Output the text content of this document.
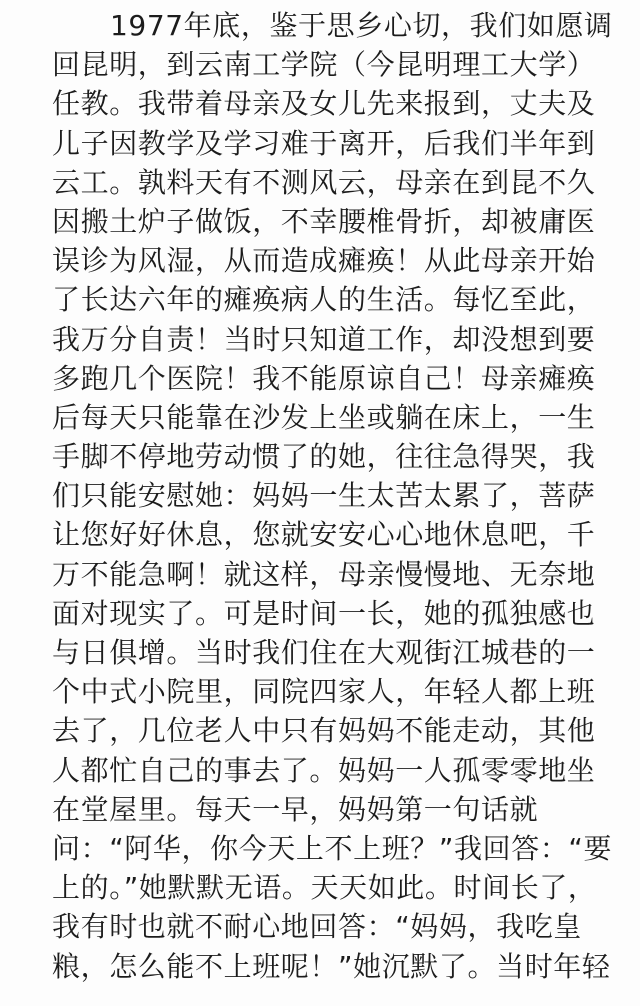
1977年底，鉴于思乡心切，我们如愿调
回昆明，到云南工学院（今昆明理工大学）
任教。我带着母亲及女儿先来报到，丈夫及
儿子因教学及学习难于离开，后我们半年到
云工。孰料天有不测风云，母亲在到昆不久
因搬土炉子做饭，不幸腰椎骨折，却被庸医
误诊为风湿，从而造成瘫痪！从此母亲开始
了长达六年的瘫痪病人的生活。每忆至此，
我万分自责！当时只知道工作，却没想到要
多跑几个医院！我不能原谅自己！母亲瘫痪
后每天只能靠在沙发上坐或躺在床上，一生
手脚不停地劳动惯了的她，往往急得哭，我
们只能安慰她：妈妈一生太苦太累了，菩萨
让您好好休息，您就安安心心地休息吧，千
万不能急啊！就这样，母亲慢慢地、无奈地
面对现实了。可是时间一长，她的孤独感也
与日俱增。当时我们住在大观街江城巷的一
个中式小院里，同院四家人，年轻人都上班
去了，几位老人中只有妈妈不能走动，其他
人都忙自己的事去了。妈妈一人孤零零地坐
在堂屋里。每天一早，妈妈第一句话就
问：“阿华，你今天上不上班？”我回答：“要
上的。”她默默无语。天天如此。时间长了，
我有时也就不耐心地回答：“妈妈，我吃皇
粮，怎么能不上班呢！”她沉默了。当时年轻
